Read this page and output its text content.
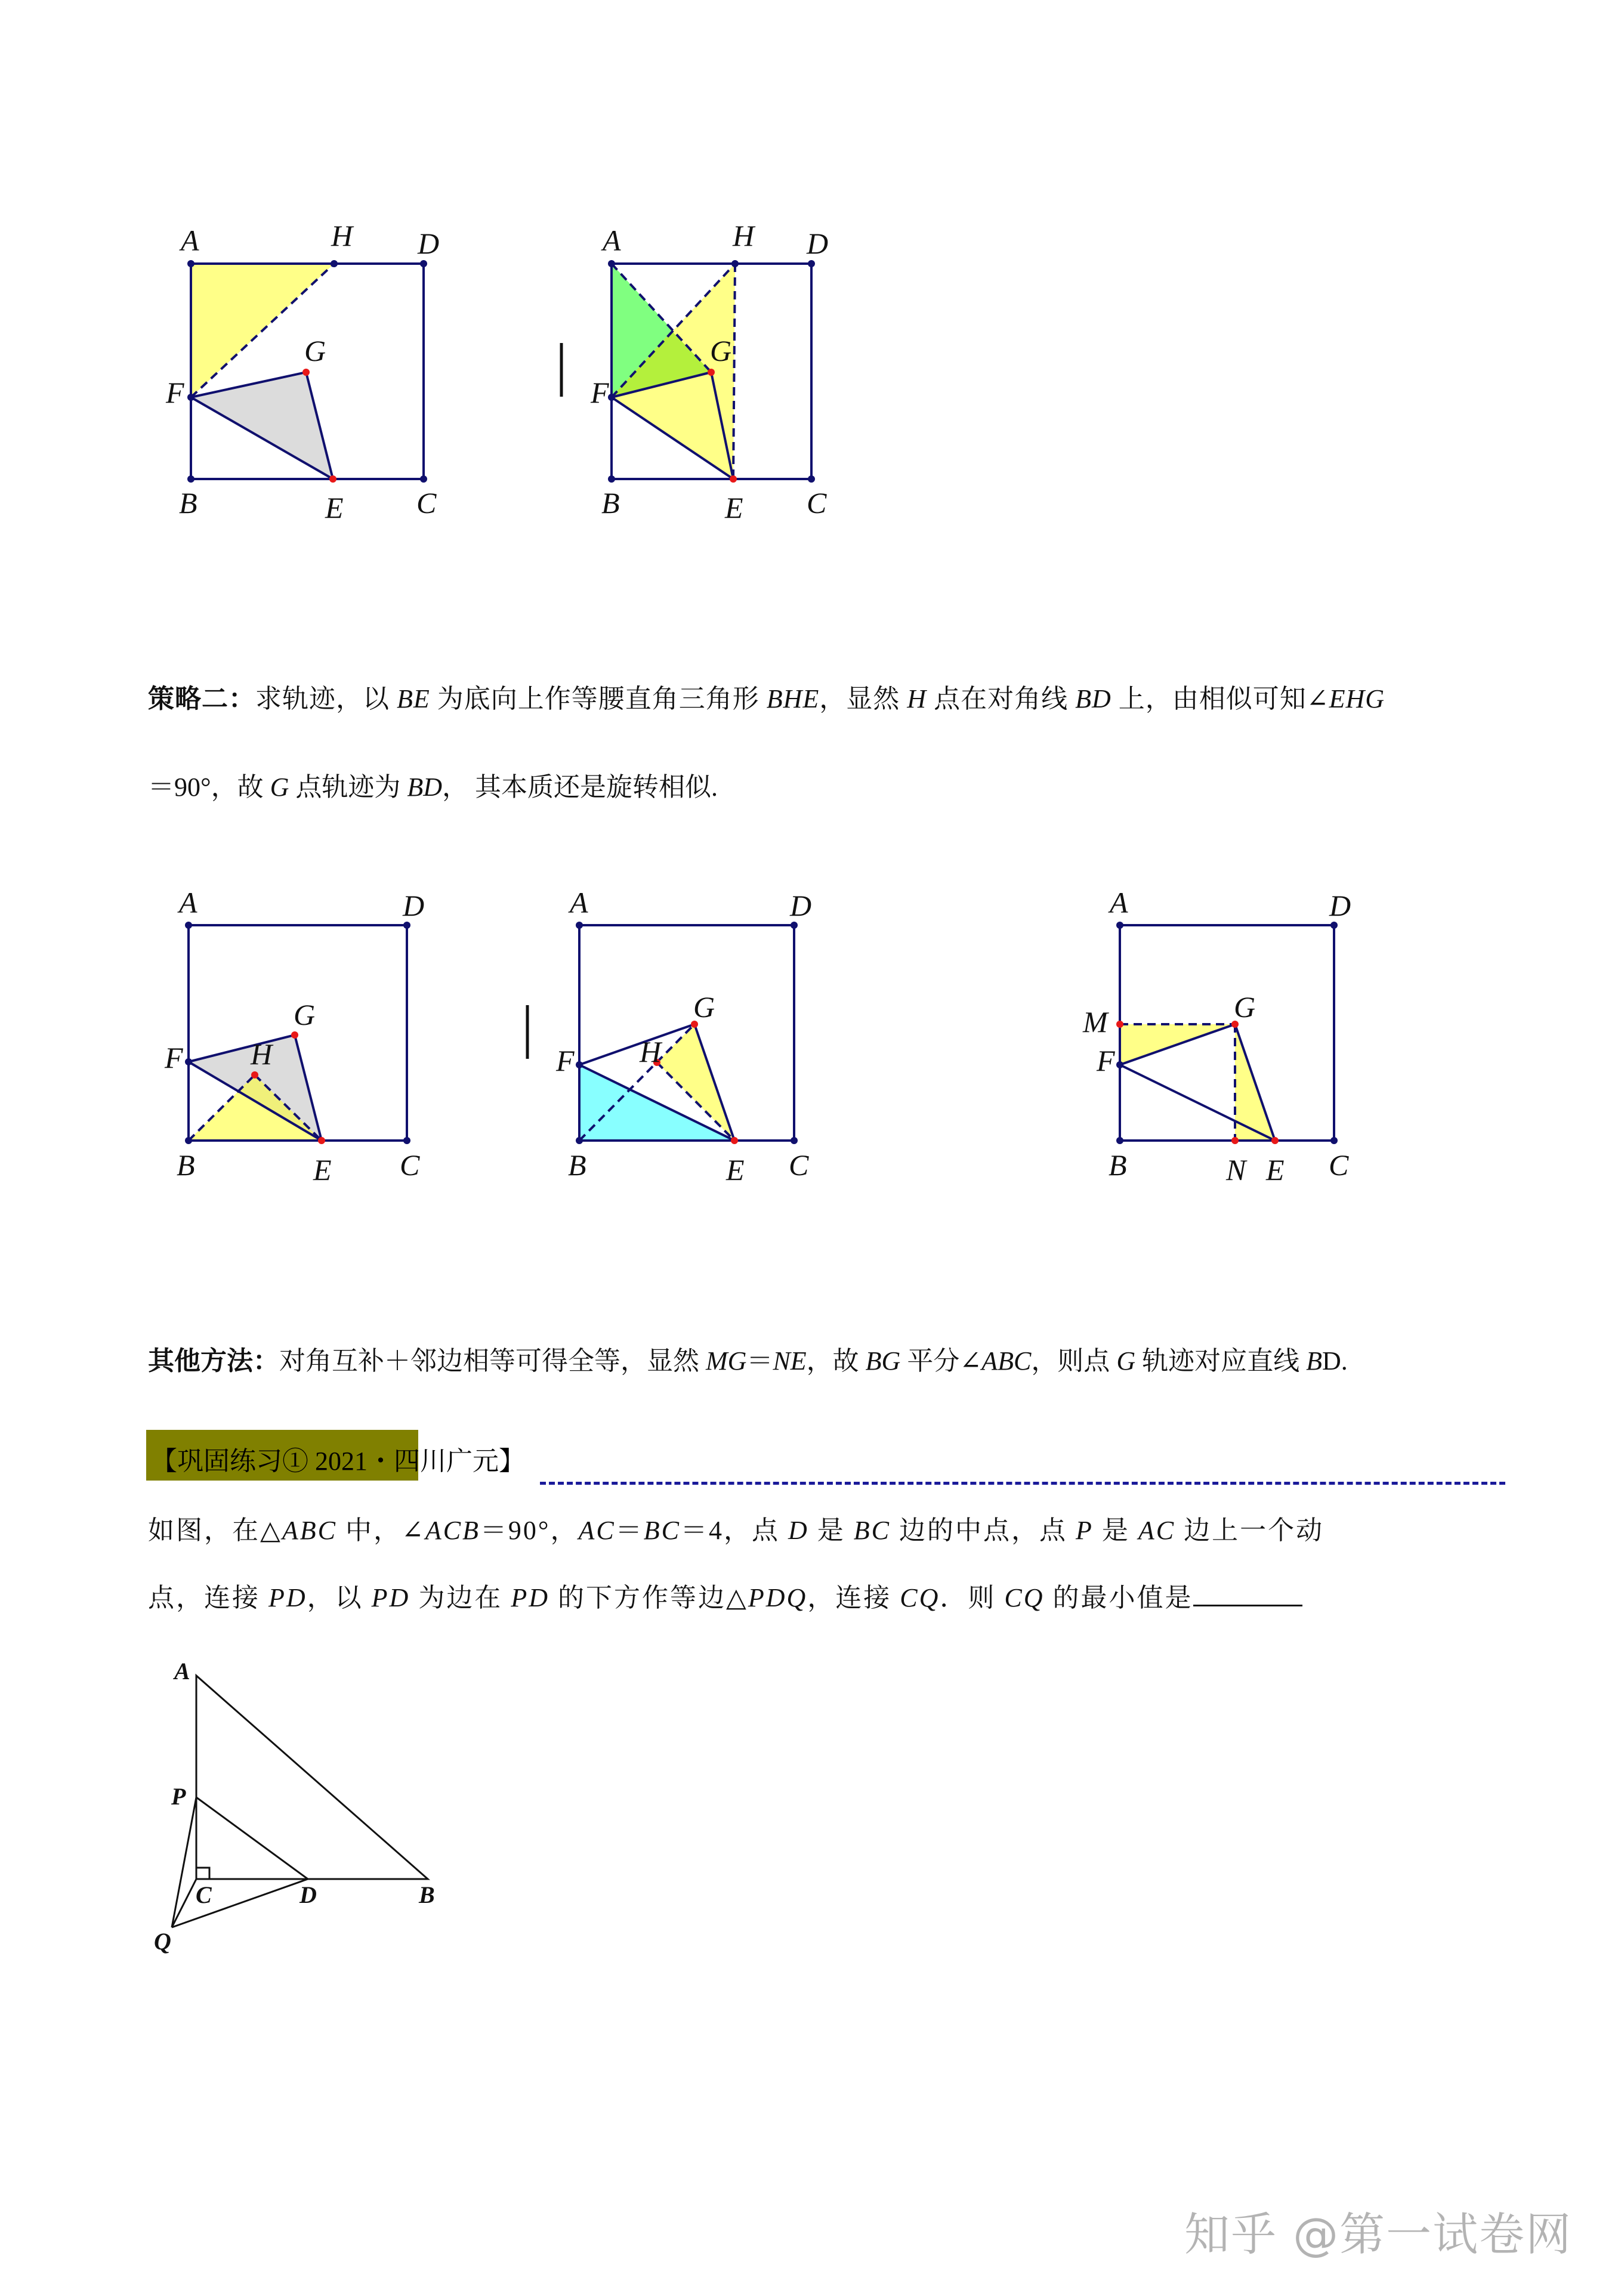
A	H D
G
F
B	E C
A	H D
G
F
B	E C
策略二：求轨迹，以 BE 为底向上作等腰直角三角形 BHE，显然 H 点在对角线 BD 上，由相似可知∠EHG
＝90°，故 G 点轨迹为 BD， 其本质还是旋转相似.
A	D
G
F H
B	E C
A	D
G
H
F
B	E C
A	D
M	G
F
B	N E C
其他方法：对角互补＋邻边相等可得全等，显然 MG＝NE，故 BG 平分∠ABC，则点 G 轨迹对应直线 BD.
【巩固练习① 2021・四川广元】
如图，在△ABC 中，∠ACB＝90°，AC＝BC＝4，点 D 是 BC 边的中点，点 P 是 AC 边上一个动
点，连接 PD，以 PD 为边在 PD 的下方作等边△PDQ，连接 CQ．则 CQ 的最小值是
A
P
C	D	B
Q
知乎 @第一试卷网
